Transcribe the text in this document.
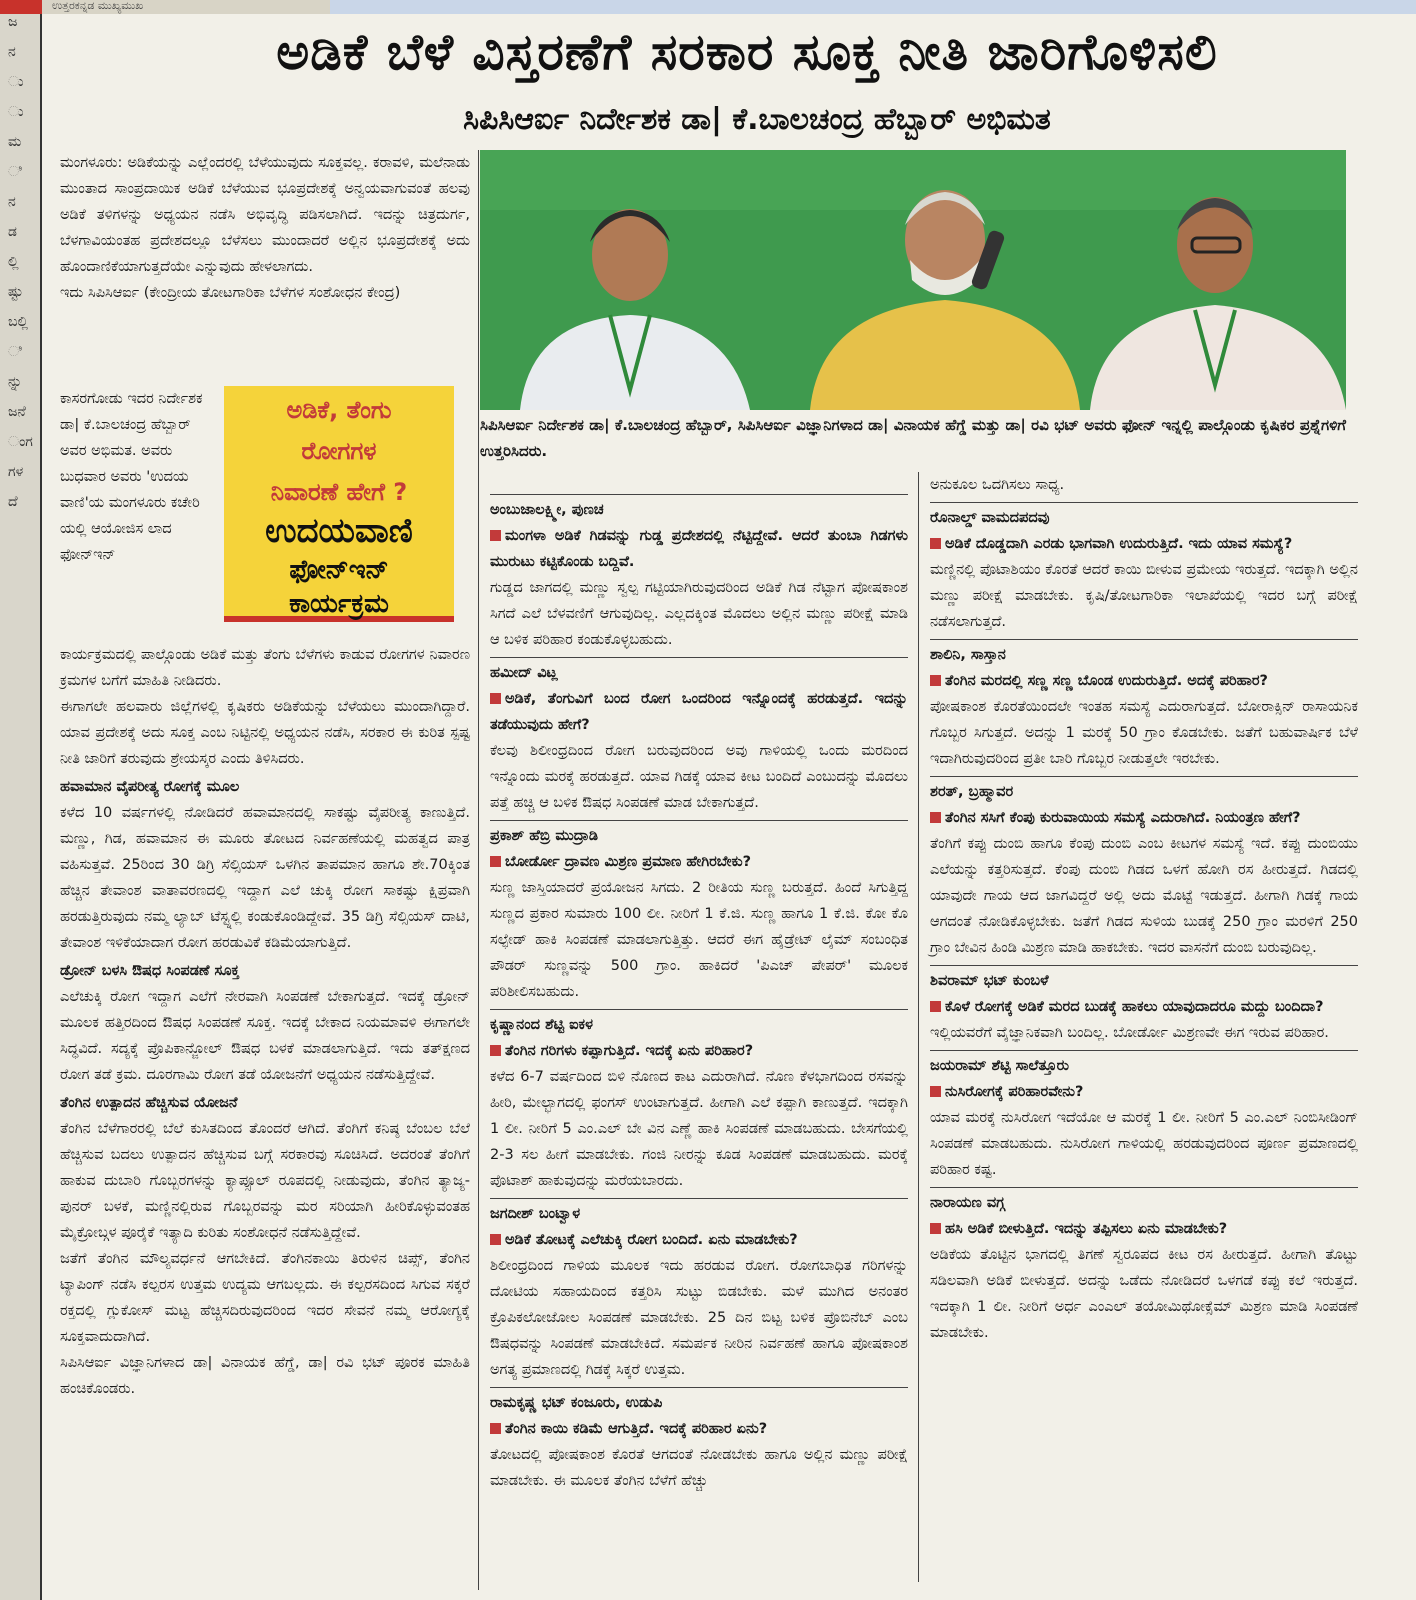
ಉತ್ತರಕನ್ನಡ ಮುಖ್ಯಮುಖ
ಜ
ನ
ು
ು
ಮ
ಿ
ನ
ಡ
ಲ್ಲಿ
ಷ್ಟು
ಬಲ್ಲಿ
ಿ
ನ್ನು
ಜನೆ
ಂಗ
ಗಳ
ದೆ
ಅಡಿಕೆ ಬೆಳೆ ವಿಸ್ತರಣೆಗೆ ಸರಕಾರ ಸೂಕ್ತ ನೀತಿ ಜಾರಿಗೊಳಿಸಲಿ
ಸಿಪಿಸಿಆರ್ಐ ನಿರ್ದೇಶಕ ಡಾ| ಕೆ.ಬಾಲಚಂದ್ರ ಹೆಬ್ಬಾರ್ ಅಭಿಮತ

ಮಂಗಳೂರು: ಅಡಿಕೆಯನ್ನು ಎಲ್ಲೆಂದರಲ್ಲಿ ಬೆಳೆಯುವುದು ಸೂಕ್ತವಲ್ಲ. ಕರಾವಳಿ, ಮಲೆನಾಡು ಮುಂತಾದ ಸಾಂಪ್ರದಾಯಿಕ ಅಡಿಕೆ ಬೆಳೆಯುವ ಭೂಪ್ರದೇಶಕ್ಕೆ ಅನ್ವಯವಾಗುವಂತೆ ಹಲವು ಅಡಿಕೆ ತಳಿಗಳನ್ನು ಅಧ್ಯಯನ ನಡೆಸಿ ಅಭಿವೃದ್ಧಿ ಪಡಿಸಲಾಗಿದೆ. ಇದನ್ನು ಚಿತ್ರದುರ್ಗ, ಬೆಳಗಾವಿಯಂತಹ ಪ್ರದೇಶದಲ್ಲೂ ಬೆಳೆಸಲು ಮುಂದಾದರೆ ಅಲ್ಲಿನ ಭೂಪ್ರದೇಶಕ್ಕೆ ಅದು ಹೊಂದಾಣಿಕೆಯಾಗುತ್ತದೆಯೇ ಎನ್ನುವುದು ಹೇಳಲಾಗದು.

ಇದು ಸಿಪಿಸಿಆರ್ಐ (ಕೇಂದ್ರೀಯ ತೋಟಗಾರಿಕಾ ಬೆಳೆಗಳ ಸಂಶೋಧನ ಕೇಂದ್ರ)

ಕಾಸರಗೋಡು ಇದರ ನಿರ್ದೇಶಕ ಡಾ| ಕೆ.ಬಾಲಚಂದ್ರ ಹೆಬ್ಬಾರ್ ಅವರ ಅಭಿಮತ. ಅವರು ಬುಧವಾರ ಅವರು 'ಉದಯ ವಾಣಿ'ಯ ಮಂಗಳೂರು ಕಚೇರಿ ಯಲ್ಲಿ ಆಯೋಜಿಸ ಲಾದ ಫೋನ್ಇನ್

ಅಡಿಕೆ, ತೆಂಗು
ರೋಗಗಳ
ನಿವಾರಣೆ ಹೇಗೆ ?
ಉದಯವಾಣಿ
ಫೋನ್ಇನ್
ಕಾರ್ಯಕ್ರಮ

ಕಾರ್ಯಕ್ರಮದಲ್ಲಿ ಪಾಲ್ಗೊಂಡು ಅಡಿಕೆ ಮತ್ತು ತೆಂಗು ಬೆಳೆಗಳು ಕಾಡುವ ರೋಗಗಳ ನಿವಾರಣ ಕ್ರಮಗಳ ಬಗೆಗೆ ಮಾಹಿತಿ ನೀಡಿದರು.

ಈಗಾಗಲೇ ಹಲವಾರು ಜಿಲ್ಲೆಗಳಲ್ಲಿ ಕೃಷಿಕರು ಅಡಿಕೆಯನ್ನು ಬೆಳೆಯಲು ಮುಂದಾಗಿದ್ದಾರೆ. ಯಾವ ಪ್ರದೇಶಕ್ಕೆ ಅದು ಸೂಕ್ತ ಎಂಬ ನಿಟ್ಟಿನಲ್ಲಿ ಅಧ್ಯಯನ ನಡೆಸಿ, ಸರಕಾರ ಈ ಕುರಿತ ಸ್ಪಷ್ಟ ನೀತಿ ಜಾರಿಗೆ ತರುವುದು ಶ್ರೇಯಸ್ಕರ ಎಂದು ತಿಳಿಸಿದರು.

ಹವಾಮಾನ ವೈಪರೀತ್ಯ ರೋಗಕ್ಕೆ ಮೂಲ

ಕಳೆದ 10 ವರ್ಷಗಳಲ್ಲಿ ನೋಡಿದರೆ ಹವಾಮಾನದಲ್ಲಿ ಸಾಕಷ್ಟು ವೈಪರೀತ್ಯ ಕಾಣುತ್ತಿದೆ. ಮಣ್ಣು, ಗಿಡ, ಹವಾಮಾನ ಈ ಮೂರು ತೋಟದ ನಿರ್ವಹಣೆಯಲ್ಲಿ ಮಹತ್ವದ ಪಾತ್ರ ವಹಿಸುತ್ತವೆ. 25ರಿಂದ 30 ಡಿಗ್ರಿ ಸೆಲ್ಸಿಯಸ್ ಒಳಗಿನ ತಾಪಮಾನ ಹಾಗೂ ಶೇ.70ಕ್ಕಿಂತ ಹೆಚ್ಚಿನ ತೇವಾಂಶ ವಾತಾವರಣದಲ್ಲಿ ಇದ್ದಾಗ ಎಲೆ ಚುಕ್ಕಿ ರೋಗ ಸಾಕಷ್ಟು ಕ್ಷಿಪ್ರವಾಗಿ ಹರಡುತ್ತಿರುವುದು ನಮ್ಮ ಲ್ಯಾಬ್ ಟೆಸ್ಟ್ನಲ್ಲಿ ಕಂಡುಕೊಂಡಿದ್ದೇವೆ. 35 ಡಿಗ್ರಿ ಸೆಲ್ಸಿಯಸ್ ದಾಟಿ, ತೇವಾಂಶ ಇಳಿಕೆಯಾದಾಗ ರೋಗ ಹರಡುವಿಕೆ ಕಡಿಮೆಯಾಗುತ್ತಿದೆ.

ಡ್ರೋನ್ ಬಳಸಿ ಔಷಧ ಸಿಂಪಡಣೆ ಸೂಕ್ತ

ಎಲೆಚುಕ್ಕಿ ರೋಗ ಇದ್ದಾಗ ಎಲೆಗೆ ನೇರವಾಗಿ ಸಿಂಪಡಣೆ ಬೇಕಾಗುತ್ತದೆ. ಇದಕ್ಕೆ ಡ್ರೋನ್ ಮೂಲಕ ಹತ್ತಿರದಿಂದ ಔಷಧ ಸಿಂಪಡಣೆ ಸೂಕ್ತ. ಇದಕ್ಕೆ ಬೇಕಾದ ನಿಯಮಾವಳಿ ಈಗಾಗಲೇ ಸಿದ್ಧವಿದೆ. ಸದ್ಯಕ್ಕೆ ಪ್ರೊಪಿಕಾನ್ಜೋಲ್ ಔಷಧ ಬಳಕೆ ಮಾಡಲಾಗುತ್ತಿದೆ. ಇದು ತತ್ಕ್ಷಣದ ರೋಗ ತಡೆ ಕ್ರಮ. ದೂರಗಾಮಿ ರೋಗ ತಡೆ ಯೋಜನೆಗೆ ಅಧ್ಯಯನ ನಡೆಸುತ್ತಿದ್ದೇವೆ.

ತೆಂಗಿನ ಉತ್ಪಾದನ ಹೆಚ್ಚಿಸುವ ಯೋಜನೆ

ತೆಂಗಿನ ಬೆಳೆಗಾರರಲ್ಲಿ ಬೆಲೆ ಕುಸಿತದಿಂದ ತೊಂದರೆ ಆಗಿದೆ. ತೆಂಗಿಗೆ ಕನಿಷ್ಠ ಬೆಂಬಲ ಬೆಲೆ ಹೆಚ್ಚಿಸುವ ಬದಲು ಉತ್ಪಾದನ ಹೆಚ್ಚಿಸುವ ಬಗ್ಗೆ ಸರಕಾರವು ಸೂಚಿಸಿದೆ. ಅದರಂತೆ ತೆಂಗಿಗೆ ಹಾಕುವ ದುಬಾರಿ ಗೊಬ್ಬರಗಳನ್ನು ಕ್ಯಾಪ್ಸೂಲ್ ರೂಪದಲ್ಲಿ ನೀಡುವುದು, ತೆಂಗಿನ ತ್ಯಾಜ್ಯ-ಪುನರ್ ಬಳಕೆ, ಮಣ್ಣಿನಲ್ಲಿರುವ ಗೊಬ್ಬರವನ್ನು ಮರ ಸರಿಯಾಗಿ ಹೀರಿಕೊಳ್ಳುವಂತಹ ಮೈಕ್ರೋಬ್ಗಳ ಪೂರೈಕೆ ಇತ್ಯಾದಿ ಕುರಿತು ಸಂಶೋಧನೆ ನಡೆಸುತ್ತಿದ್ದೇವೆ.

ಜತೆಗೆ ತೆಂಗಿನ ಮೌಲ್ಯವರ್ಧನೆ ಆಗಬೇಕಿದೆ. ತೆಂಗಿನಕಾಯಿ ತಿರುಳಿನ ಚಿಪ್ಸ್, ತೆಂಗಿನ ಟ್ಯಾಪಿಂಗ್ ನಡೆಸಿ ಕಲ್ಪರಸ ಉತ್ತಮ ಉದ್ಯಮ ಆಗಬಲ್ಲದು. ಈ ಕಲ್ಪರಸದಿಂದ ಸಿಗುವ ಸಕ್ಕರೆ ರಕ್ತದಲ್ಲಿ ಗ್ಲುಕೋಸ್ ಮಟ್ಟ ಹೆಚ್ಚಿಸದಿರುವುದರಿಂದ ಇದರ ಸೇವನೆ ನಮ್ಮ ಆರೋಗ್ಯಕ್ಕೆ ಸೂಕ್ತವಾದುದಾಗಿದೆ.

ಸಿಪಿಸಿಆರ್ಐ ವಿಜ್ಞಾನಿಗಳಾದ ಡಾ| ವಿನಾಯಕ ಹೆಗ್ಡೆ, ಡಾ| ರವಿ ಭಟ್ ಪೂರಕ ಮಾಹಿತಿ ಹಂಚಿಕೊಂಡರು.

ಸಿಪಿಸಿಆರ್ಐ ನಿರ್ದೇಶಕ ಡಾ| ಕೆ.ಬಾಲಚಂದ್ರ ಹೆಬ್ಬಾರ್, ಸಿಪಿಸಿಆರ್ಐ ವಿಜ್ಞಾನಿಗಳಾದ ಡಾ| ವಿನಾಯಕ ಹೆಗ್ಡೆ ಮತ್ತು ಡಾ| ರವಿ ಭಟ್ ಅವರು ಫೋನ್ ಇನ್ನಲ್ಲಿ ಪಾಲ್ಗೊಂಡು ಕೃಷಿಕರ ಪ್ರಶ್ನೆಗಳಿಗೆ ಉತ್ತರಿಸಿದರು.

ಅಂಬುಜಾಲಕ್ಷ್ಮೀ, ಪುಣಚ

ಮಂಗಳಾ ಅಡಿಕೆ ಗಿಡವನ್ನು ಗುಡ್ಡ ಪ್ರದೇಶದಲ್ಲಿ ನೆಟ್ಟಿದ್ದೇವೆ. ಆದರೆ ತುಂಬಾ ಗಿಡಗಳು ಮುರುಟು ಕಟ್ಟಿಕೊಂಡು ಬದ್ದಿವೆ.

ಗುಡ್ಡದ ಜಾಗದಲ್ಲಿ ಮಣ್ಣು ಸ್ವಲ್ಪ ಗಟ್ಟಿಯಾಗಿರುವುದರಿಂದ ಅಡಿಕೆ ಗಿಡ ನೆಟ್ಟಾಗ ಪೋಷಕಾಂಶ ಸಿಗದೆ ಎಲೆ ಬೆಳವಣಿಗೆ ಆಗುವುದಿಲ್ಲ. ಎಲ್ಲದಕ್ಕಿಂತ ಮೊದಲು ಅಲ್ಲಿನ ಮಣ್ಣು ಪರೀಕ್ಷೆ ಮಾಡಿ ಆ ಬಳಿಕ ಪರಿಹಾರ ಕಂಡುಕೊಳ್ಳಬಹುದು.

ಹಮೀದ್ ವಿಟ್ಲ

ಅಡಿಕೆ, ತೆಂಗುವಿಗೆ ಬಂದ ರೋಗ ಒಂದರಿಂದ ಇನ್ನೊಂದಕ್ಕೆ ಹರಡುತ್ತದೆ. ಇದನ್ನು ತಡೆಯುವುದು ಹೇಗೆ?

ಕೆಲವು ಶಿಲೀಂಧ್ರದಿಂದ ರೋಗ ಬರುವುದರಿಂದ ಅವು ಗಾಳಿಯಲ್ಲಿ ಒಂದು ಮರದಿಂದ ಇನ್ನೊಂದು ಮರಕ್ಕೆ ಹರಡುತ್ತದೆ. ಯಾವ ಗಿಡಕ್ಕೆ ಯಾವ ಕೀಟ ಬಂದಿದೆ ಎಂಬುದನ್ನು ಮೊದಲು ಪತ್ತೆ ಹಚ್ಚಿ ಆ ಬಳಿಕ ಔಷಧ ಸಿಂಪಡಣೆ ಮಾಡ ಬೇಕಾಗುತ್ತದೆ.

ಪ್ರಕಾಶ್ ಹೆಬ್ರಿ ಮುದ್ರಾಡಿ

ಬೋರ್ಡೋ ದ್ರಾವಣ ಮಿಶ್ರಣ ಪ್ರಮಾಣ ಹೇಗಿರಬೇಕು?

ಸುಣ್ಣ ಜಾಸ್ತಿಯಾದರೆ ಪ್ರಯೋಜನ ಸಿಗದು. 2 ರೀತಿಯ ಸುಣ್ಣ ಬರುತ್ತದೆ. ಹಿಂದೆ ಸಿಗುತ್ತಿದ್ದ ಸುಣ್ಣದ ಪ್ರಕಾರ ಸುಮಾರು 100 ಲೀ. ನೀರಿಗೆ 1 ಕೆ.ಜಿ. ಸುಣ್ಣ ಹಾಗೂ 1 ಕೆ.ಜಿ. ಕೋ ಕೊ ಸಲ್ಫೇಡ್ ಹಾಕಿ ಸಿಂಪಡಣೆ ಮಾಡಲಾಗುತ್ತಿತ್ತು. ಆದರೆ ಈಗ ಹೈಡ್ರೇಟ್ ಲೈಮ್ ಸಂಬಂಧಿತ ಪೌಡರ್ ಸುಣ್ಣವನ್ನು 500 ಗ್ರಾಂ. ಹಾಕಿದರೆ 'ಪಿಎಚ್ ಪೇಪರ್' ಮೂಲಕ ಪರಿಶೀಲಿಸಬಹುದು.

ಕೃಷ್ಣಾನಂದ ಶೆಟ್ಟಿ ಐಕಳ

ತೆಂಗಿನ ಗರಿಗಳು ಕಪ್ಪಾಗುತ್ತಿದೆ. ಇದಕ್ಕೆ ಏನು ಪರಿಹಾರ?

ಕಳೆದ 6-7 ವರ್ಷದಿಂದ ಬಿಳಿ ನೊಣದ ಕಾಟ ಎದುರಾಗಿದೆ. ನೊಣ ಕೆಳಭಾಗದಿಂದ ರಸವನ್ನು ಹೀರಿ, ಮೇಲ್ಭಾಗದಲ್ಲಿ ಫಂಗಸ್ ಉಂಟಾಗುತ್ತದೆ. ಹೀಗಾಗಿ ಎಲೆ ಕಪ್ಪಾಗಿ ಕಾಣುತ್ತದೆ. ಇದಕ್ಕಾಗಿ 1 ಲೀ. ನೀರಿಗೆ 5 ಎಂ.ಎಲ್ ಬೇ ವಿನ ಎಣ್ಣೆ ಹಾಕಿ ಸಿಂಪಡಣೆ ಮಾಡಬಹುದು. ಬೇಸಗೆಯಲ್ಲಿ 2-3 ಸಲ ಹೀಗೆ ಮಾಡಬೇಕು. ಗಂಜಿ ನೀರನ್ನು ಕೂಡ ಸಿಂಪಡಣೆ ಮಾಡಬಹುದು. ಮರಕ್ಕೆ ಪೊಟಾಶ್ ಹಾಕುವುದನ್ನು ಮರೆಯಬಾರದು.

ಜಗದೀಶ್ ಬಂಟ್ವಾಳ

ಅಡಿಕೆ ತೋಟಕ್ಕೆ ಎಲೆಚುಕ್ಕಿ ರೋಗ ಬಂದಿದೆ. ಏನು ಮಾಡಬೇಕು?

ಶಿಲೀಂಧ್ರದಿಂದ ಗಾಳಿಯ ಮೂಲಕ ಇದು ಹರಡುವ ರೋಗ. ರೋಗಬಾಧಿತ ಗರಿಗಳನ್ನು ದೋಟಿಯ ಸಹಾಯದಿಂದ ಕತ್ತರಿಸಿ ಸುಟ್ಟು ಬಿಡಬೇಕು. ಮಳೆ ಮುಗಿದ ಅನಂತರ ಕ್ರೊಪಿಕಲೋಜೋಲ ಸಿಂಪಡಣೆ ಮಾಡಬೇಕು. 25 ದಿನ ಬಿಟ್ಟ ಬಳಿಕ ಪ್ರೊಬಿನೆಬ್ ಎಂಬ ಔಷಧವನ್ನು ಸಿಂಪಡಣೆ ಮಾಡಬೇಕಿದೆ. ಸಮರ್ಪಕ ನೀರಿನ ನಿರ್ವಹಣೆ ಹಾಗೂ ಪೋಷಕಾಂಶ ಅಗತ್ಯ ಪ್ರಮಾಣದಲ್ಲಿ ಗಿಡಕ್ಕೆ ಸಿಕ್ಕರೆ ಉತ್ತಮ.

ರಾಮಕೃಷ್ಣ ಭಟ್ ಕಂಜೂರು, ಉಡುಪಿ

ತೆಂಗಿನ ಕಾಯಿ ಕಡಿಮೆ ಆಗುತ್ತಿದೆ. ಇದಕ್ಕೆ ಪರಿಹಾರ ಏನು?

ತೋಟದಲ್ಲಿ ಪೋಷಕಾಂಶ ಕೊರತೆ ಆಗದಂತೆ ನೋಡಬೇಕು ಹಾಗೂ ಅಲ್ಲಿನ ಮಣ್ಣು ಪರೀಕ್ಷೆ ಮಾಡಬೇಕು. ಈ ಮೂಲಕ ತೆಂಗಿನ ಬೆಳೆಗೆ ಹೆಚ್ಚು

ಅನುಕೂಲ ಒದಗಿಸಲು ಸಾಧ್ಯ.

ರೊನಾಲ್ಡ್ ವಾಮದಪದವು

ಅಡಿಕೆ ದೊಡ್ಡದಾಗಿ ಎರಡು ಭಾಗವಾಗಿ ಉದುರುತ್ತಿದೆ. ಇದು ಯಾವ ಸಮಸ್ಯೆ?

ಮಣ್ಣಿನಲ್ಲಿ ಪೊಟಾಶಿಯಂ ಕೊರತೆ ಆದರೆ ಕಾಯಿ ಬೀಳುವ ಪ್ರಮೇಯ ಇರುತ್ತದೆ. ಇದಕ್ಕಾಗಿ ಅಲ್ಲಿನ ಮಣ್ಣು ಪರೀಕ್ಷೆ ಮಾಡಬೇಕು. ಕೃಷಿ/ತೋಟಗಾರಿಕಾ ಇಲಾಖೆಯಲ್ಲಿ ಇದರ ಬಗ್ಗೆ ಪರೀಕ್ಷೆ ನಡೆಸಲಾಗುತ್ತದೆ.

ಶಾಲಿನಿ, ಸಾಸ್ತಾನ

ತೆಂಗಿನ ಮರದಲ್ಲಿ ಸಣ್ಣ ಸಣ್ಣ ಬೊಂಡ ಉದುರುತ್ತಿದೆ. ಅದಕ್ಕೆ ಪರಿಹಾರ?

ಪೋಷಕಾಂಶ ಕೊರತೆಯಿಂದಲೇ ಇಂತಹ ಸಮಸ್ಯೆ ಎದುರಾಗುತ್ತದೆ. ಬೋರಾಕ್ಸಿನ್ ರಾಸಾಯನಿಕ ಗೊಬ್ಬರ ಸಿಗುತ್ತದೆ. ಅದನ್ನು 1 ಮರಕ್ಕೆ 50 ಗ್ರಾಂ ಕೊಡಬೇಕು. ಜತೆಗೆ ಬಹುವಾರ್ಷಿಕ ಬೆಳೆ ಇದಾಗಿರುವುದರಿಂದ ಪ್ರತೀ ಬಾರಿ ಗೊಬ್ಬರ ನೀಡುತ್ತಲೇ ಇರಬೇಕು.

ಶರತ್, ಬ್ರಹ್ಮಾವರ

ತೆಂಗಿನ ಸಸಿಗೆ ಕೆಂಪು ಕುರುವಾಯಿಯ ಸಮಸ್ಯೆ ಎದುರಾಗಿದೆ. ನಿಯಂತ್ರಣ ಹೇಗೆ?

ತೆಂಗಿಗೆ ಕಪ್ಪು ದುಂಬಿ ಹಾಗೂ ಕೆಂಪು ದುಂಬಿ ಎಂಬ ಕೀಟಗಳ ಸಮಸ್ಯೆ ಇದೆ. ಕಪ್ಪು ದುಂಬಿಯು ಎಲೆಯನ್ನು ಕತ್ತರಿಸುತ್ತದೆ. ಕೆಂಪು ದುಂಬಿ ಗಿಡದ ಒಳಗೆ ಹೋಗಿ ರಸ ಹೀರುತ್ತದೆ. ಗಿಡದಲ್ಲಿ ಯಾವುದೇ ಗಾಯ ಆದ ಜಾಗವಿದ್ದರೆ ಅಲ್ಲಿ ಅದು ಮೊಟ್ಟೆ ಇಡುತ್ತದೆ. ಹೀಗಾಗಿ ಗಿಡಕ್ಕೆ ಗಾಯ ಆಗದಂತೆ ನೋಡಿಕೊಳ್ಳಬೇಕು. ಜತೆಗೆ ಗಿಡದ ಸುಳಿಯ ಬುಡಕ್ಕೆ 250 ಗ್ರಾಂ ಮರಳಿಗೆ 250 ಗ್ರಾಂ ಬೇವಿನ ಹಿಂಡಿ ಮಿಶ್ರಣ ಮಾಡಿ ಹಾಕಬೇಕು. ಇದರ ವಾಸನೆಗೆ ದುಂಬಿ ಬರುವುದಿಲ್ಲ.

ಶಿವರಾಮ್ ಭಟ್ ಕುಂಬಳೆ

ಕೊಳೆ ರೋಗಕ್ಕೆ ಅಡಿಕೆ ಮರದ ಬುಡಕ್ಕೆ ಹಾಕಲು ಯಾವುದಾದರೂ ಮದ್ದು ಬಂದಿದಾ?

ಇಲ್ಲಿಯವರೆಗೆ ವೈಜ್ಞಾನಿಕವಾಗಿ ಬಂದಿಲ್ಲ. ಬೋರ್ಡೋ ಮಿಶ್ರಣವೇ ಈಗ ಇರುವ ಪರಿಹಾರ.

ಜಯರಾಮ್ ಶೆಟ್ಟಿ ಸಾಲೆತ್ತೂರು

ನುಸಿರೋಗಕ್ಕೆ ಪರಿಹಾರವೇನು?

ಯಾವ ಮರಕ್ಕೆ ನುಸಿರೋಗ ಇದೆಯೋ ಆ ಮರಕ್ಕೆ 1 ಲೀ. ನೀರಿಗೆ 5 ಎಂ.ಎಲ್ ನಿಂಬಿಸೀಡಿಂಗ್ ಸಿಂಪಡಣೆ ಮಾಡಬಹುದು. ನುಸಿರೋಗ ಗಾಳಿಯಲ್ಲಿ ಹರಡುವುದರಿಂದ ಪೂರ್ಣ ಪ್ರಮಾಣದಲ್ಲಿ ಪರಿಹಾರ ಕಷ್ಟ.

ನಾರಾಯಣ ವಗ್ಗ

ಹಸಿ ಅಡಿಕೆ ಬೀಳುತ್ತಿದೆ. ಇದನ್ನು ತಪ್ಪಿಸಲು ಏನು ಮಾಡಬೇಕು?

ಅಡಿಕೆಯ ತೊಟ್ಟಿನ ಭಾಗದಲ್ಲಿ ತಿಗಣೆ ಸ್ವರೂಪದ ಕೀಟ ರಸ ಹೀರುತ್ತದೆ. ಹೀಗಾಗಿ ತೊಟ್ಟು ಸಡಿಲವಾಗಿ ಅಡಿಕೆ ಬೀಳುತ್ತದೆ. ಅದನ್ನು ಒಡೆದು ನೋಡಿದರೆ ಒಳಗಡೆ ಕಪ್ಪು ಕಲೆ ಇರುತ್ತದೆ. ಇದಕ್ಕಾಗಿ 1 ಲೀ. ನೀರಿಗೆ ಅರ್ಧ ಎಂಎಲ್ ತಯೋಮಿಥೋಕ್ಸೆಮ್ ಮಿಶ್ರಣ ಮಾಡಿ ಸಿಂಪಡಣೆ ಮಾಡಬೇಕು.
